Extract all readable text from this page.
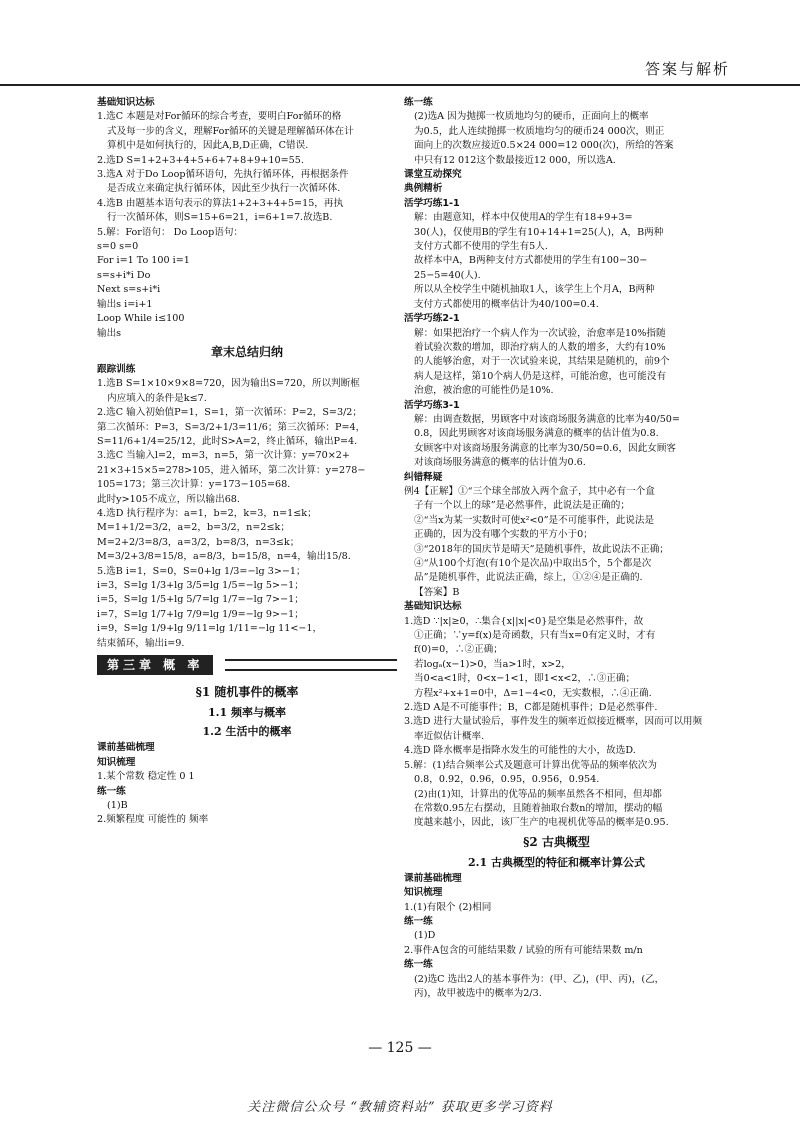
答案与解析
基础知识达标
1.选C 本题是对For循环的综合考查，要明白For循环的格
式及每一步的含义，理解For循环的关键是理解循环体在计
算机中是如何执行的，因此A,B,D正确，C错误.
2.选D S=1+2+3+4+5+6+7+8+9+10=55.
3.选A 对于Do Loop循环语句，先执行循环体，再根据条件
是否成立来确定执行循环体，因此至少执行一次循环体.
4.选B 由题基本语句表示的算法1+2+3+4+5=15，再执
行一次循环体，则S=15+6=21，i=6+1=7.故选B.
5.解：For语句： Do Loop语句：
s=0 s=0
For i=1 To 100 i=1
s=s+i*i Do
Next s=s+i*i
输出s i=i+1
Loop While i≤100
输出s
章末总结归纳
跟踪训练
1.选B S=1×10×9×8=720，因为输出S=720，所以判断框
内应填入的条件是k≤7.
2.选C 输入初始值P=1，S=1，第一次循环：P=2，S=3/2；
第二次循环：P=3，S=3/2+1/3=11/6；第三次循环：P=4，
S=11/6+1/4=25/12，此时S>A=2，终止循环，输出P=4.
3.选C 当输入l=2，m=3，n=5，第一次计算：y=70×2+
21×3+15×5=278>105，进入循环，第二次计算：y=278−
105=173；第三次计算：y=173−105=68.
此时y>105不成立，所以输出68.
4.选D 执行程序为：a=1，b=2，k=3，n=1≤k；
M=1+1/2=3/2，a=2，b=3/2，n=2≤k；
M=2+2/3=8/3，a=3/2，b=8/3，n=3≤k；
M=3/2+3/8=15/8，a=8/3，b=15/8，n=4，输出15/8.
5.选B i=1，S=0，S=0+lg 1/3=−lg 3>−1；
i=3，S=lg 1/3+lg 3/5=lg 1/5=−lg 5>−1；
i=5，S=lg 1/5+lg 5/7=lg 1/7=−lg 7>−1；
i=7，S=lg 1/7+lg 7/9=lg 1/9=−lg 9>−1；
i=9，S=lg 1/9+lg 9/11=lg 1/11=−lg 11<−1，
结束循环，输出i=9.
第三章 概 率
§1 随机事件的概率
1.1 频率与概率
1.2 生活中的概率
课前基础梳理
知识梳理
1.某个常数 稳定性 0 1
练一练
(1)B
2.频繁程度 可能性的 频率
练一练
(2)选A 因为抛掷一枚质地均匀的硬币，正面向上的概率
为0.5，此人连续抛掷一枚质地均匀的硬币24 000次，则正
面向上的次数应接近0.5×24 000=12 000(次)，所给的答案
中只有12 012这个数最接近12 000，所以选A.
课堂互动探究
典例精析
活学巧练1-1
解：由题意知，样本中仅使用A的学生有18+9+3=
30(人)，仅使用B的学生有10+14+1=25(人)，A，B两种
支付方式都不使用的学生有5人.
故样本中A，B两种支付方式都使用的学生有100−30−
25−5=40(人).
所以从全校学生中随机抽取1人，该学生上个月A，B两种
支付方式都使用的概率估计为40/100=0.4.
活学巧练2-1
解：如果把治疗一个病人作为一次试验，治愈率是10%指随
着试验次数的增加，即治疗病人的人数的增多，大约有10%
的人能够治愈，对于一次试验来说，其结果是随机的，前9个
病人是这样，第10个病人仍是这样，可能治愈，也可能没有
治愈，被治愈的可能性仍是10%.
活学巧练3-1
解：由调查数据，男顾客中对该商场服务满意的比率为40/50=
0.8，因此男顾客对该商场服务满意的概率的估计值为0.8.
女顾客中对该商场服务满意的比率为30/50=0.6，因此女顾客
对该商场服务满意的概率的估计值为0.6.
纠错释疑
例4【正解】①“三个球全部放入两个盒子，其中必有一个盒
子有一个以上的球”是必然事件，此说法是正确的；
②“当x为某一实数时可使x²<0”是不可能事件，此说法是
正确的，因为没有哪个实数的平方小于0；
③“2018年的国庆节是晴天”是随机事件，故此说法不正确；
④“从100个灯泡(有10个是次品)中取出5个，5个都是次
品”是随机事件，此说法正确，综上，①②④是正确的.
【答案】B
基础知识达标
1.选D ∵|x|≥0，∴集合{x||x|<0}是空集是必然事件，故
①正确；∵y=f(x)是奇函数，只有当x=0有定义时，才有
f(0)=0，∴②正确；
若logₐ(x−1)>0，当a>1时，x>2，
当0<a<1时，0<x−1<1，即1<x<2，∴③正确；
方程x²+x+1=0中，Δ=1−4<0，无实数根，∴④正确.
2.选D A是不可能事件；B，C都是随机事件；D是必然事件.
3.选D 进行大量试验后，事件发生的频率近似接近概率，因而可以用频
率近似估计概率.
4.选D 降水概率是指降水发生的可能性的大小，故选D.
5.解：(1)结合频率公式及题意可计算出优等品的频率依次为
0.8，0.92，0.96，0.95，0.956，0.954.
(2)由(1)知，计算出的优等品的频率虽然各不相同，但却都
在常数0.95左右摆动，且随着抽取台数n的增加，摆动的幅
度越来越小，因此，该厂生产的电视机优等品的概率是0.95.
§2 古典概型
2.1 古典概型的特征和概率计算公式
课前基础梳理
知识梳理
1.(1)有限个 (2)相同
练一练
(1)D
2.事件A包含的可能结果数 / 试验的所有可能结果数 m/n
练一练
(2)选C 选出2人的基本事件为：(甲、乙)，(甲、丙)，(乙，
丙)，故甲被选中的概率为2/3.
— 125 —
关注微信公众号 “教辅资料站” 获取更多学习资料
